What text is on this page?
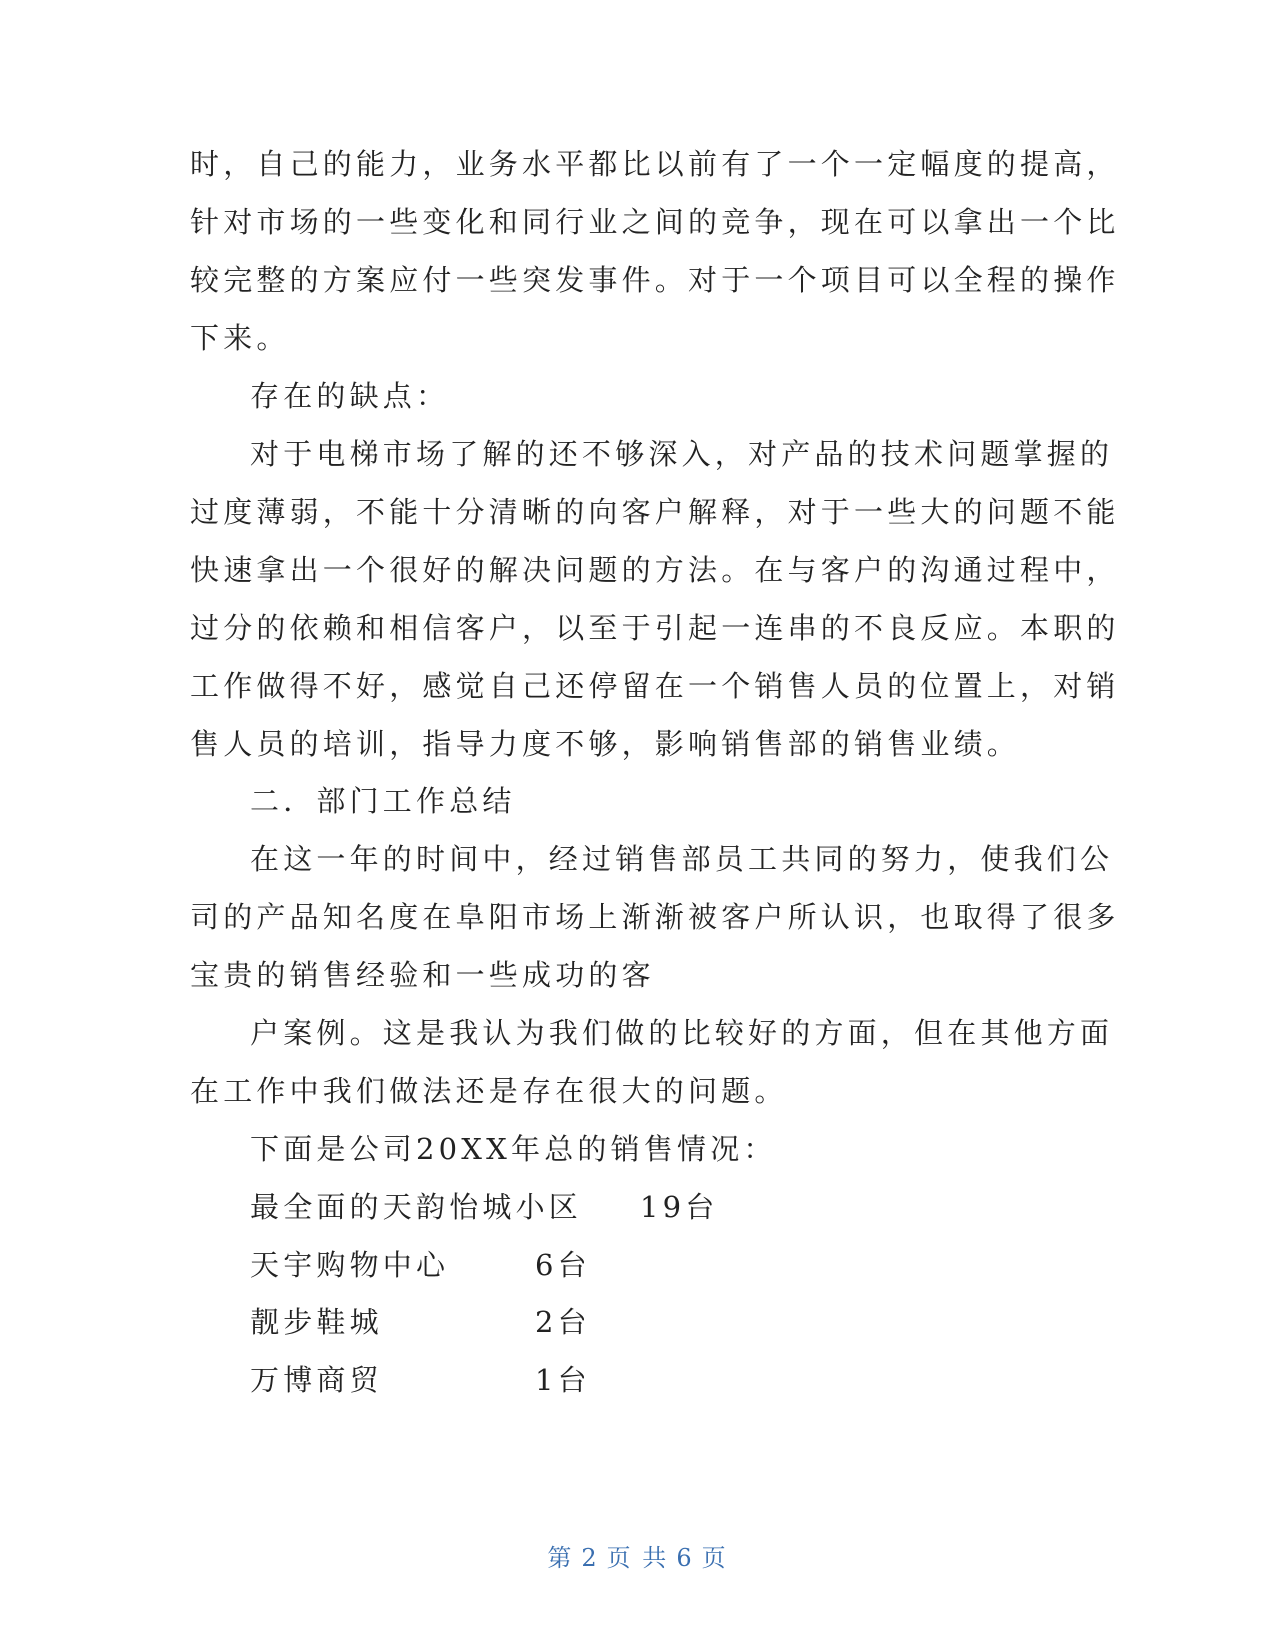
时，自己的能力，业务水平都比以前有了一个一定幅度的提高，
针对市场的一些变化和同行业之间的竞争，现在可以拿出一个比
较完整的方案应付一些突发事件。对于一个项目可以全程的操作
下来。
存在的缺点：
对于电梯市场了解的还不够深入，对产品的技术问题掌握的
过度薄弱，不能十分清晰的向客户解释，对于一些大的问题不能
快速拿出一个很好的解决问题的方法。在与客户的沟通过程中，
过分的依赖和相信客户，以至于引起一连串的不良反应。本职的
工作做得不好，感觉自己还停留在一个销售人员的位置上，对销
售人员的培训，指导力度不够，影响销售部的销售业绩。
二．部门工作总结
在这一年的时间中，经过销售部员工共同的努力，使我们公
司的产品知名度在阜阳市场上渐渐被客户所认识，也取得了很多
宝贵的销售经验和一些成功的客
户案例。这是我认为我们做的比较好的方面，但在其他方面
在工作中我们做法还是存在很大的问题。
下面是公司20XX年总的销售情况：
最全面的天韵怡城小区 19台
天宇购物中心	6台
靓步鞋城	2台
万博商贸	1台
第 2 页 共 6 页
